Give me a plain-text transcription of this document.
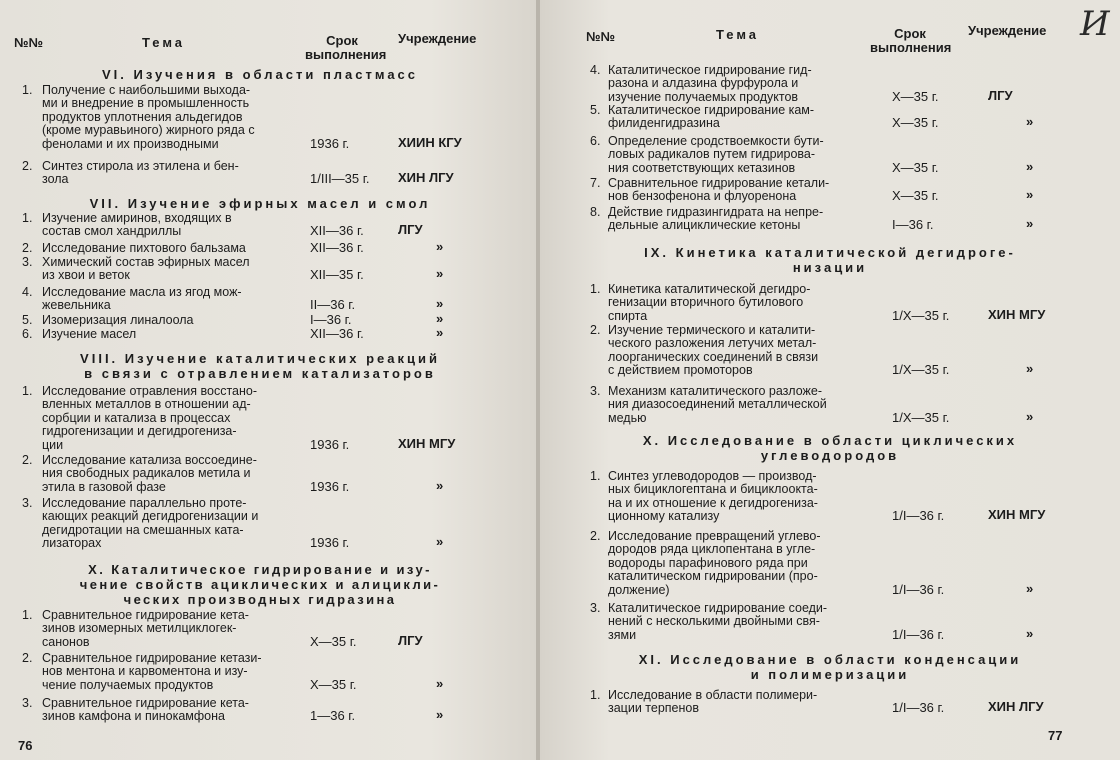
№№	Тема	Срок
выполнения
Учреждение
VI. Изучения в области пластмасс
1. Получение с наибольшими выхода-
ми и внедрение в промышленность
продуктов уплотнения альдегидов
(кроме муравьиного) жирного ряда с
фенолами и их производными	1936 г.	ХИИН КГУ
2. Синтез стирола из этилена и бен-
зола	1/III—35 г. ХИН ЛГУ
VII. Изучение эфирных масел и смол
1. Изучение амиринов, входящих в
состав смол хандриллы	XII—36 г.	ЛГУ
2. Исследование пихтового бальзама	XII—36 г.	»
3. Химический состав эфирных масел
из хвои и веток	XII—35 г.	»
4. Исследование масла из ягод мож-
жевельника	II—36 г.	»
5. Изомеризация линалоола	I—36 г.	»
6. Изучение масел	XII—36 г.	»
VIII. Изучение каталитических реакций
в связи с отравлением катализаторов
1. Исследование отравления восстано-
вленных металлов в отношении ад-
сорбции и катализа в процессах
гидрогенизации и дегидрогениза-
ции	1936 г.	ХИН МГУ
2. Исследование катализа воссоедине-
ния свободных радикалов метила и
этила в газовой фазе	1936 г.	»
3. Исследование параллельно проте-
кающих реакций дегидрогенизации и
дегидротации на смешанных ката-
лизаторах	1936 г.	»
X. Каталитическое гидрирование и изу-
чение свойств ациклических и алицикли-
ческих производных гидразина
1. Сравнительное гидрирование кета-
зинов изомерных метилциклогек-
санонов	X—35 г.	ЛГУ
2. Сравнительное гидрирование кетази-
нов ментона и карвоментона и изу-
чение получаемых продуктов	X—35 г.	»
3. Сравнительное гидрирование кета-
зинов камфона и пинокамфона	1—36 г.	»
76
№№	Тема	Срок
выполнения
Учреждение И
4. Каталитическое гидрирование гид-
разона и алдазина фурфурола и
изучение получаемых продуктов	X—35 г.	ЛГУ
5. Каталитическое гидрирование кам-
филиденгидразина	X—35 г.	»
6. Определение сродствоемкости бути-
ловых радикалов путем гидрирова-
ния соответствующих кетазинов	X—35 г.	»
7. Сравнительное гидрирование кетали-
нов бензофенона и флуоренона	X—35 г.	»
8. Действие гидразингидрата на непре-
дельные алициклические кетоны	I—36 г.	»
IX. Кинетика каталитической дегидроге-
низации
1. Кинетика каталитической дегидро-
генизации вторичного бутилового
спирта	1/X—35 г.	ХИН МГУ
2. Изучение термического и каталити-
ческого разложения летучих метал-
лоорганических соединений в связи
с действием промоторов	1/X—35 г.	»
3. Механизм каталитического разложе-
ния диазосоединений металлической
медью	1/X—35 г.	»
X. Исследование в области циклических
углеводородов
1. Синтез углеводородов — производ-
ных бициклогептана и бициклоокта-
на и их отношение к дегидрогениза-
ционному катализу	1/I—36 г.	ХИН МГУ
2. Исследование превращений углево-
дородов ряда циклопентана в угле-
водороды парафинового ряда при
каталитическом гидрировании (про-
должение)	1/I—36 г.	»
3. Каталитическое гидрирование соеди-
нений с несколькими двойными свя-
зями	1/I—36 г.	»
XI. Исследование в области конденсации
и полимеризации
1. Исследование в области полимери-
зации терпенов	1/I—36 г.	ХИН ЛГУ
77
